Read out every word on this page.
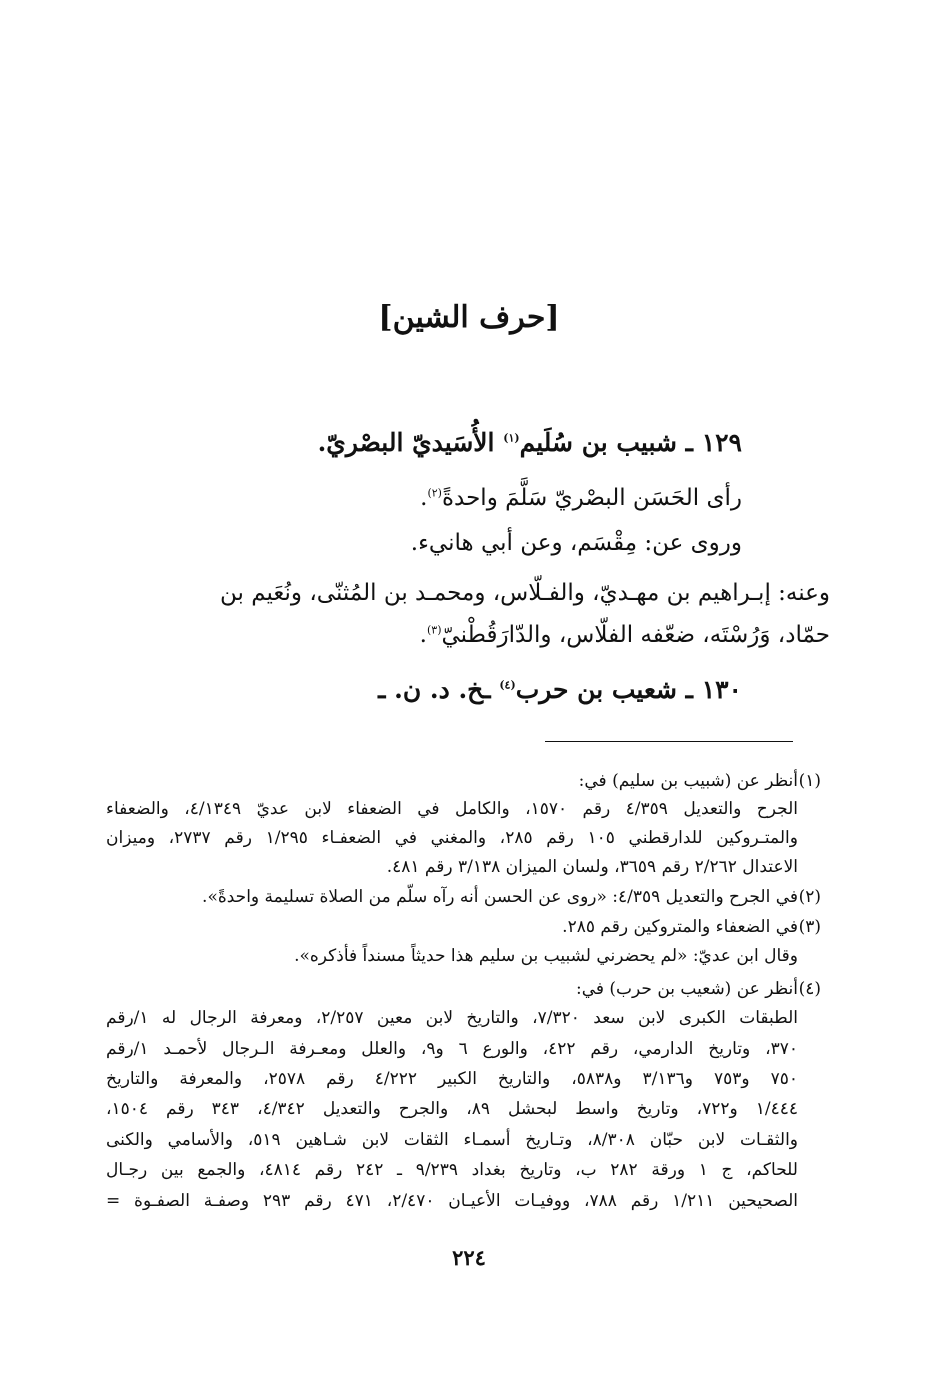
[حرف الشين]
١٢٩ ـ شبيب بن سُلَيم$^{(١)}$ الأُسَيديّ البصْريّ.
رأى الحَسَن البصْريّ سَلَّمَ واحدةً$^{(٢)}$.
وروى عن: مِقْسَم، وعن أبي هانيء.
وعنه: إبـراهيم بن مهـديّ، والفـلّاس، ومحمـد بن المُثنّى، ونُعَيم بن
حمّاد، وَرُسْتَه، ضعّفه الفلّاس، والدّارَقُطْنيّ$^{(٣)}$.
١٣٠ ـ شعيب بن حرب$^{(٤)}$ ـخ. د. ن. ـ
(١)
أنظر عن (شبيب بن سليم) في:
الجرح والتعديل ٤/٣٥٩ رقم ١٥٧٠، والكامل في الضعفاء لابن عديّ ٤/١٣٤٩، والضعفاء
والمتـروكين للدارقطني ١٠٥ رقم ٢٨٥، والمغني في الضعفـاء ١/٢٩٥ رقم ٢٧٣٧، وميزان
الاعتدال ٢/٢٦٢ رقم ٣٦٥٩، ولسان الميزان ٣/١٣٨ رقم ٤٨١.
(٢)
في الجرح والتعديل ٤/٣٥٩: «روى عن الحسن أنه رآه سلّم من الصلاة تسليمة واحدةً».
(٣)
في الضعفاء والمتروكين رقم ٢٨٥.
وقال ابن عديّ: «لم يحضرني لشبيب بن سليم هذا حديثاً مسنداً فأذكره».
(٤)
أنظر عن (شعيب بن حرب) في:
الطبقات الكبرى لابن سعد ٧/٣٢٠، والتاريخ لابن معين ٢/٢٥٧، ومعرفة الرجال له ١/رقم
٣٧٠، وتاريخ الدارمي، رقم ٤٢٢، والورع ٦ و٩، والعلل ومعـرفة الـرجال لأحمـد ١/رقم
٧٥٠ و٧٥٣ و٣/١٣٦ و٥٨٣٨، والتاريخ الكبير ٤/٢٢٢ رقم ٢٥٧٨، والمعرفة والتاريخ
١/٤٤٤ و٧٢٢، وتاريخ واسط لبحشل ٨٩، والجرح والتعديل ٤/٣٤٢، ٣٤٣ رقم ١٥٠٤،
والثقـات لابن حبّان ٨/٣٠٨، وتـاريخ أسمـاء الثقات لابن شـاهين ٥١٩، والأسامي والكنى
للحاكم، ج ١ ورقة ٢٨٢ ب، وتاريخ بغداد ٩/٢٣٩ ـ ٢٤٢ رقم ٤٨١٤، والجمع بين رجـال
الصحيحين ١/٢١١ رقم ٧٨٨، ووفيـات الأعيـان ٢/٤٧٠، ٤٧١ رقم ٢٩٣ وصفـة الصفـوة =
٢٢٤
